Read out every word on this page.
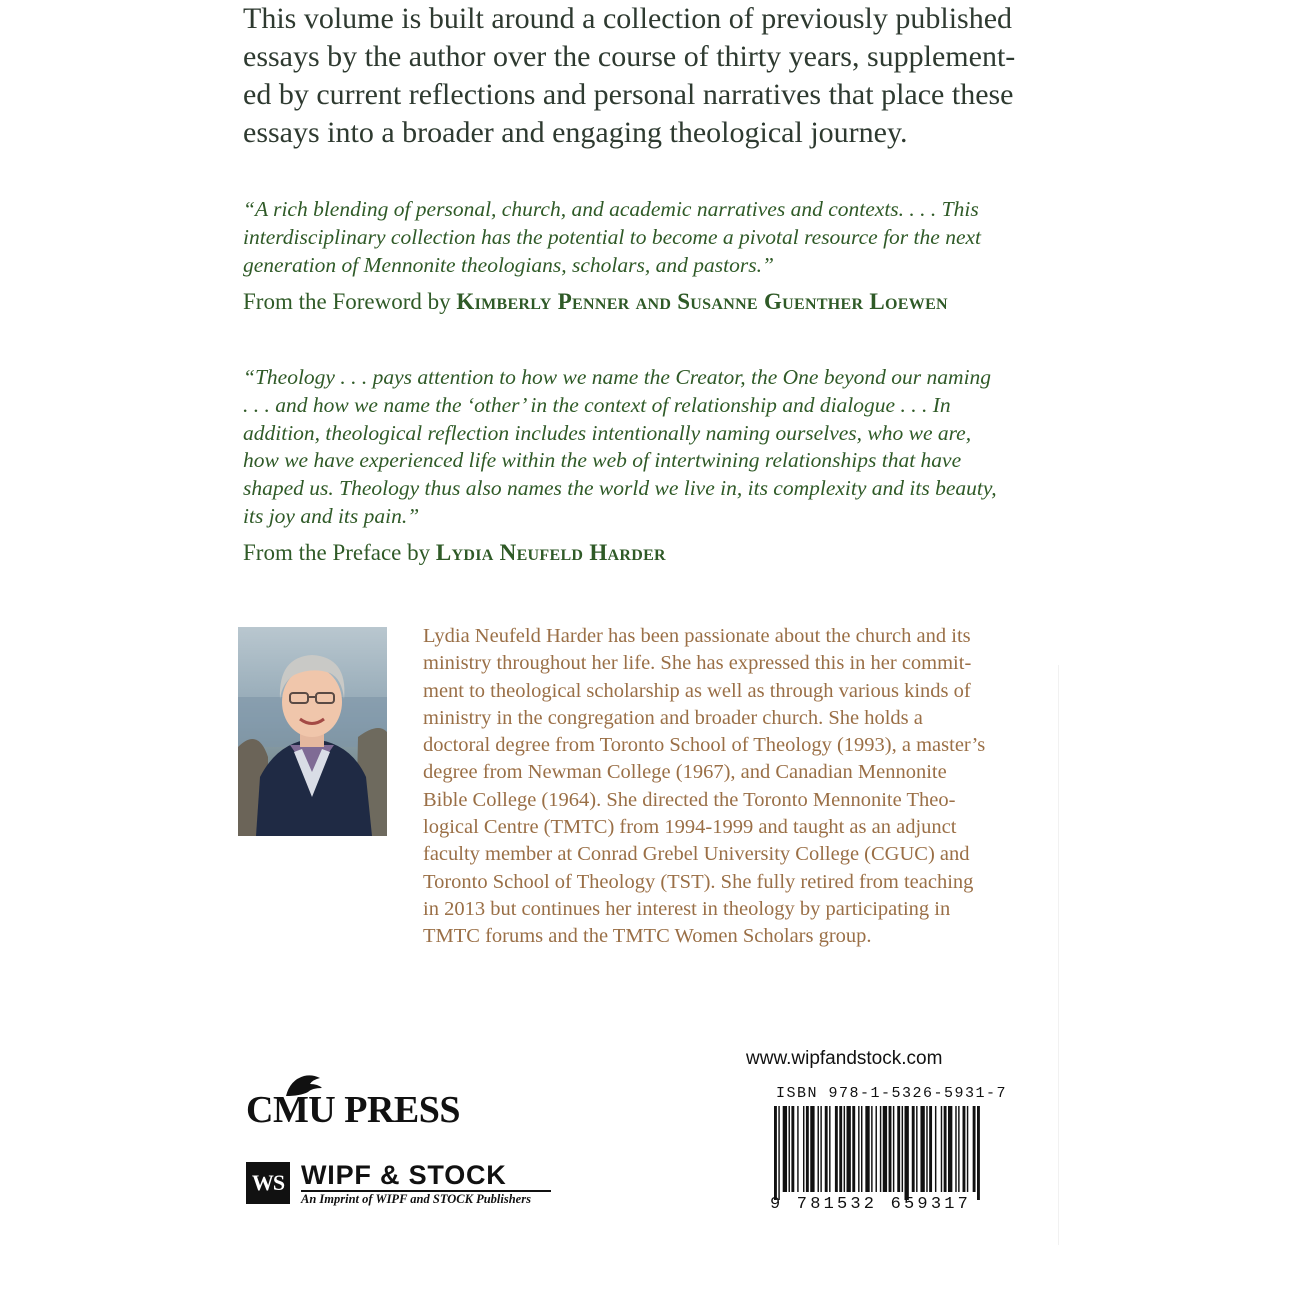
This volume is built around a collection of previously published
essays by the author over the course of thirty years, supplement-
ed by current reflections and personal narratives that place these
essays into a broader and engaging theological journey.
“A rich blending of personal, church, and academic narratives and contexts. . . . This
interdisciplinary collection has the potential to become a pivotal resource for the next
generation of Mennonite theologians, scholars, and pastors.”
From the Foreword by Kimberly Penner and Susanne Guenther Loewen
“Theology . . . pays attention to how we name the Creator, the One beyond our naming
. . . and how we name the ‘other’ in the context of relationship and dialogue . . . In
addition, theological reflection includes intentionally naming ourselves, who we are,
how we have experienced life within the web of intertwining relationships that have
shaped us. Theology thus also names the world we live in, its complexity and its beauty,
its joy and its pain.”
From the Preface by Lydia Neufeld Harder
Lydia Neufeld Harder has been passionate about the church and its
ministry throughout her life. She has expressed this in her commit-
ment to theological scholarship as well as through various kinds of
ministry in the congregation and broader church. She holds a
doctoral degree from Toronto School of Theology (1993), a master’s
degree from Newman College (1967), and Canadian Mennonite
Bible College (1964). She directed the Toronto Mennonite Theo-
logical Centre (TMTC) from 1994-1999 and taught as an adjunct
faculty member at Conrad Grebel University College (CGUC) and
Toronto School of Theology (TST). She fully retired from teaching
in 2013 but continues her interest in theology by participating in
TMTC forums and the TMTC Women Scholars group.
CMU PRESS
WS WIPF & STOCK
An Imprint of WIPF and STOCK Publishers
www.wipfandstock.com
ISBN 978-1-5326-5931-7
9 781532 659317
